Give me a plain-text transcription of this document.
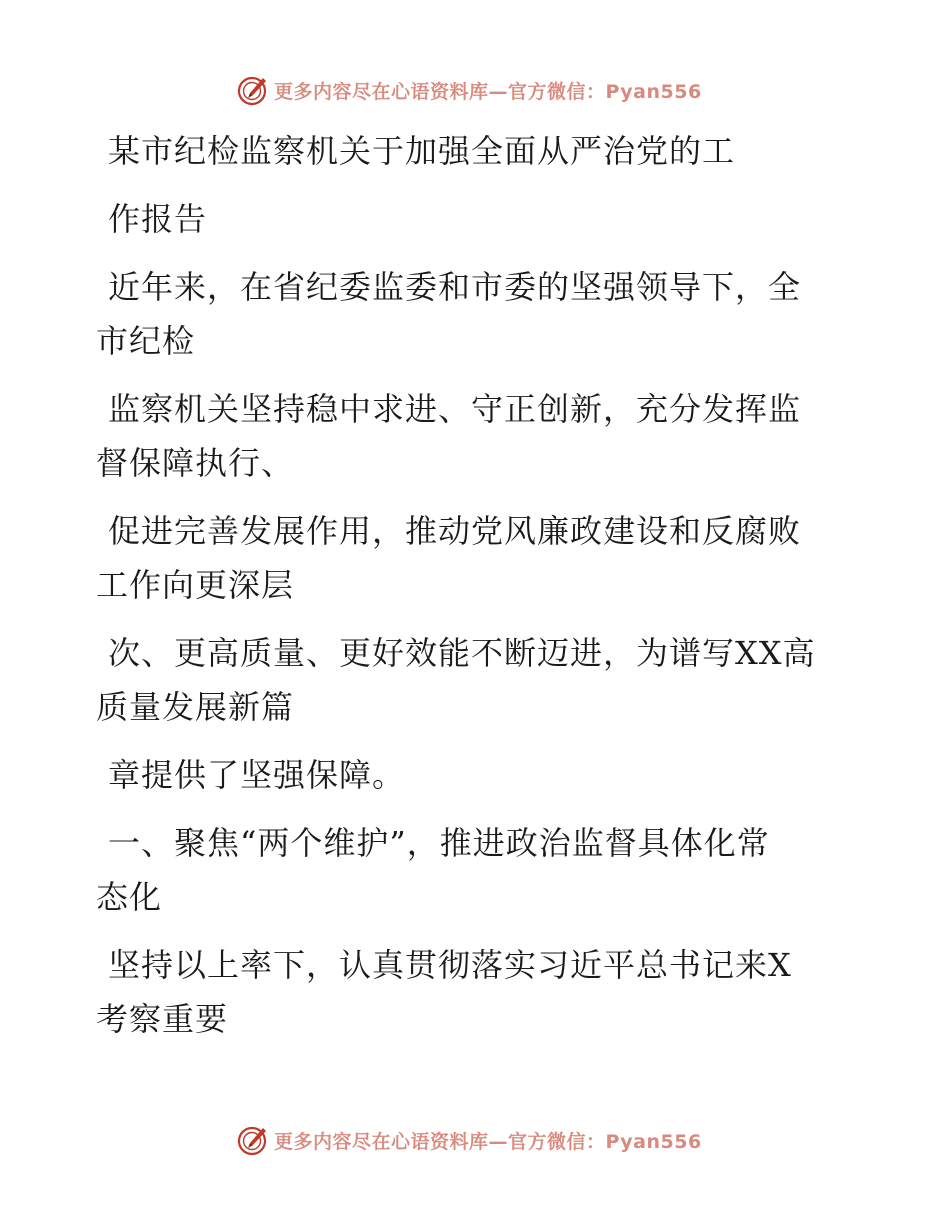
更多内容尽在心语资料库—官方微信：Pyan556
某市纪检监察机关于加强全面从严治党的工
作报告
近年来，在省纪委监委和市委的坚强领导下，全
市纪检
监察机关坚持稳中求进、守正创新，充分发挥监
督保障执行、
促进完善发展作用，推动党风廉政建设和反腐败
工作向更深层
次、更高质量、更好效能不断迈进，为谱写XX高
质量发展新篇
章提供了坚强保障。
一、聚焦“两个维护”，推进政治监督具体化常
态化
坚持以上率下，认真贯彻落实习近平总书记来X
考察重要
更多内容尽在心语资料库—官方微信：Pyan556
